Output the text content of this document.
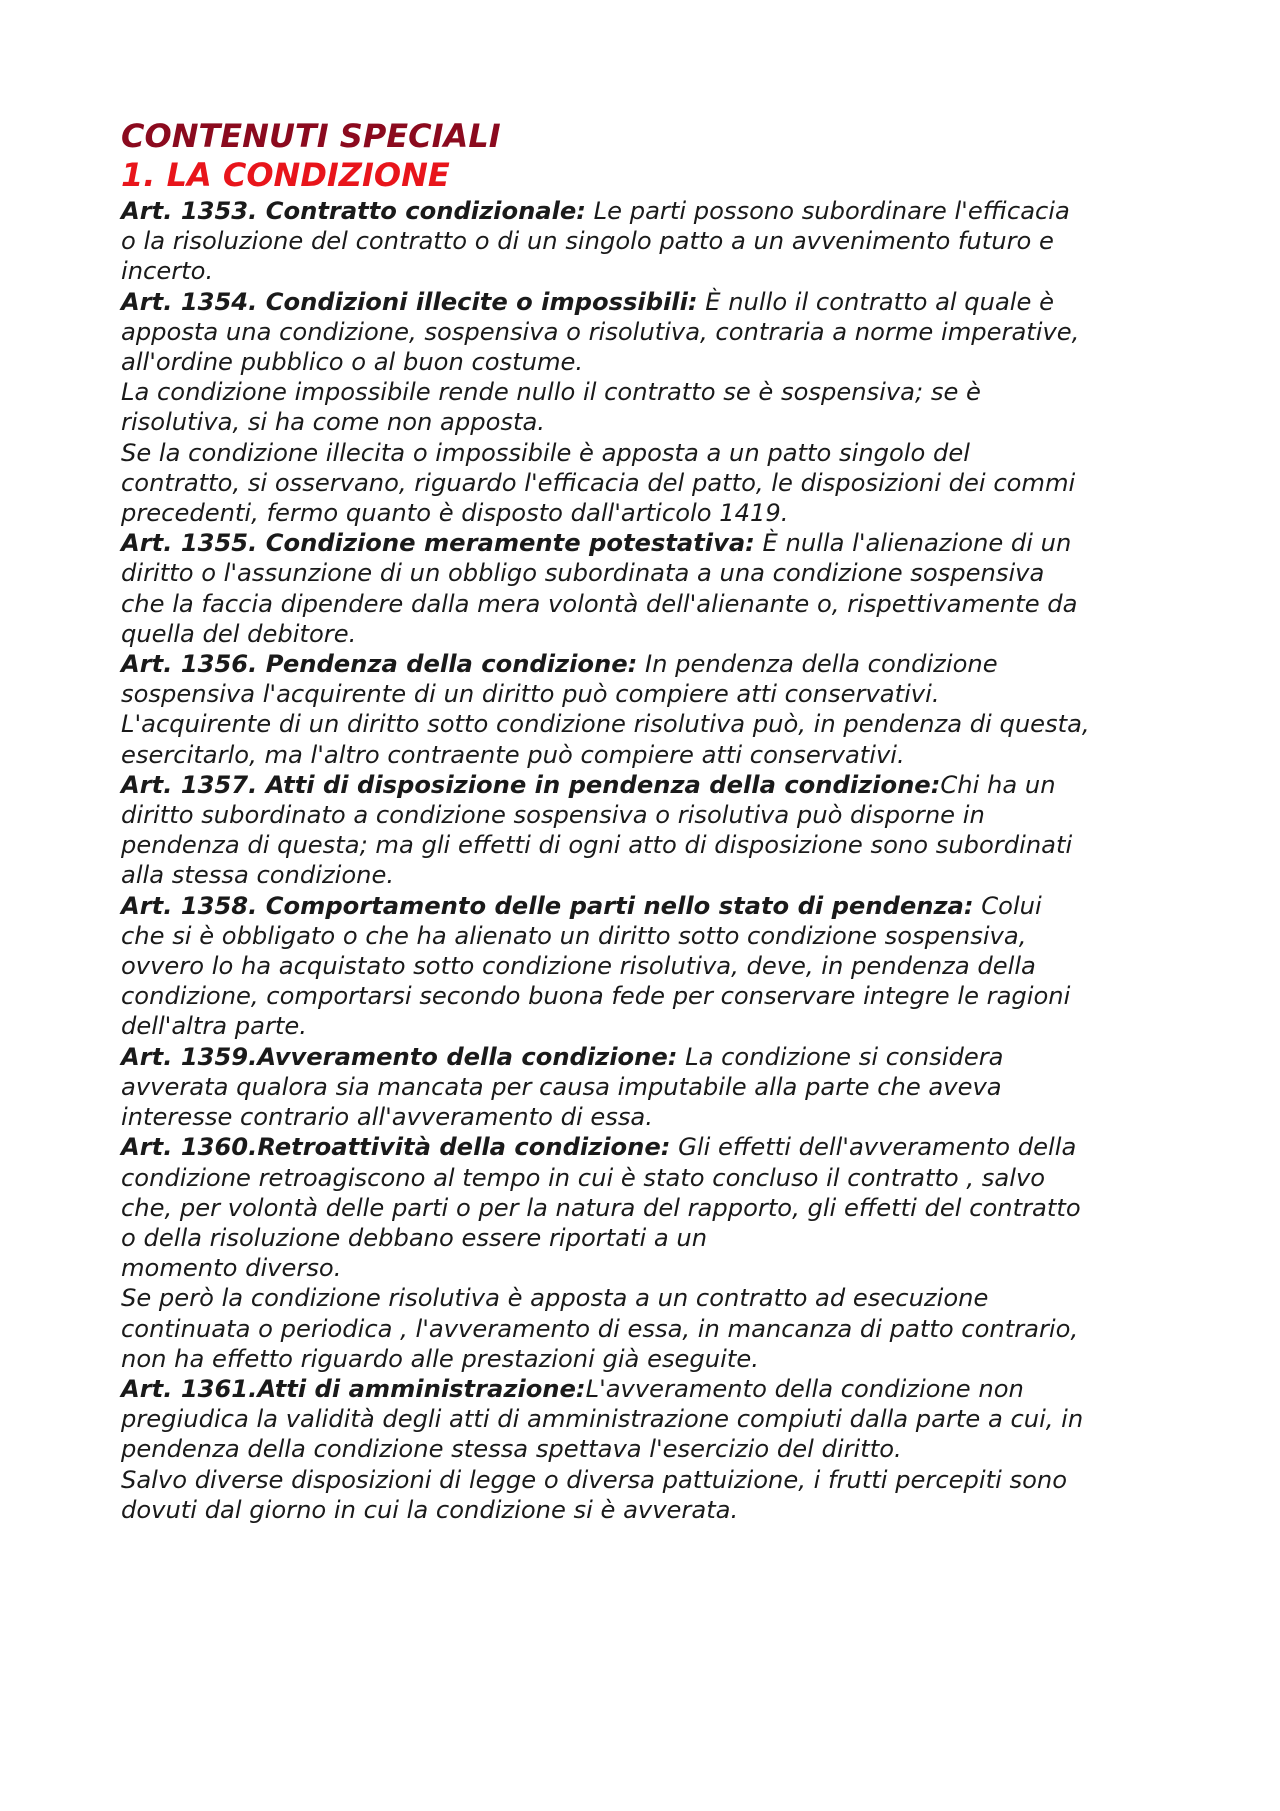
CONTENUTI SPECIALI
1. LA CONDIZIONE

Art. 1353. Contratto condizionale: Le parti possono subordinare l'efficacia
o la risoluzione del contratto o di un singolo patto a un avvenimento futuro e
incerto.

Art. 1354. Condizioni illecite o impossibili: È nullo il contratto al quale è
apposta una condizione, sospensiva o risolutiva, contraria a norme imperative,
all'ordine pubblico o al buon costume.
La condizione impossibile rende nullo il contratto se è sospensiva; se è
risolutiva, si ha come non apposta.
Se la condizione illecita o impossibile è apposta a un patto singolo del
contratto, si osservano, riguardo l'efficacia del patto, le disposizioni dei commi
precedenti, fermo quanto è disposto dall'articolo 1419.

Art. 1355. Condizione meramente potestativa: È nulla l'alienazione di un
diritto o l'assunzione di un obbligo subordinata a una condizione sospensiva
che la faccia dipendere dalla mera volontà dell'alienante o, rispettivamente da
quella del debitore.

Art. 1356. Pendenza della condizione: In pendenza della condizione
sospensiva l'acquirente di un diritto può compiere atti conservativi.
L'acquirente di un diritto sotto condizione risolutiva può, in pendenza di questa,
esercitarlo, ma l'altro contraente può compiere atti conservativi.

Art. 1357. Atti di disposizione in pendenza della condizione:Chi ha un
diritto subordinato a condizione sospensiva o risolutiva può disporne in
pendenza di questa; ma gli effetti di ogni atto di disposizione sono subordinati
alla stessa condizione.

Art. 1358. Comportamento delle parti nello stato di pendenza: Colui
che si è obbligato o che ha alienato un diritto sotto condizione sospensiva,
ovvero lo ha acquistato sotto condizione risolutiva, deve, in pendenza della
condizione, comportarsi secondo buona fede per conservare integre le ragioni
dell'altra parte.

Art. 1359.Avveramento della condizione: La condizione si considera
avverata qualora sia mancata per causa imputabile alla parte che aveva
interesse contrario all'avveramento di essa.

Art. 1360.Retroattività della condizione: Gli effetti dell'avveramento della
condizione retroagiscono al tempo in cui è stato concluso il contratto , salvo
che, per volontà delle parti o per la natura del rapporto, gli effetti del contratto
o della risoluzione debbano essere riportati a un
momento diverso.
Se però la condizione risolutiva è apposta a un contratto ad esecuzione
continuata o periodica , l'avveramento di essa, in mancanza di patto contrario,
non ha effetto riguardo alle prestazioni già eseguite.

Art. 1361.Atti di amministrazione:L'avveramento della condizione non
pregiudica la validità degli atti di amministrazione compiuti dalla parte a cui, in
pendenza della condizione stessa spettava l'esercizio del diritto.
Salvo diverse disposizioni di legge o diversa pattuizione, i frutti percepiti sono
dovuti dal giorno in cui la condizione si è avverata.
